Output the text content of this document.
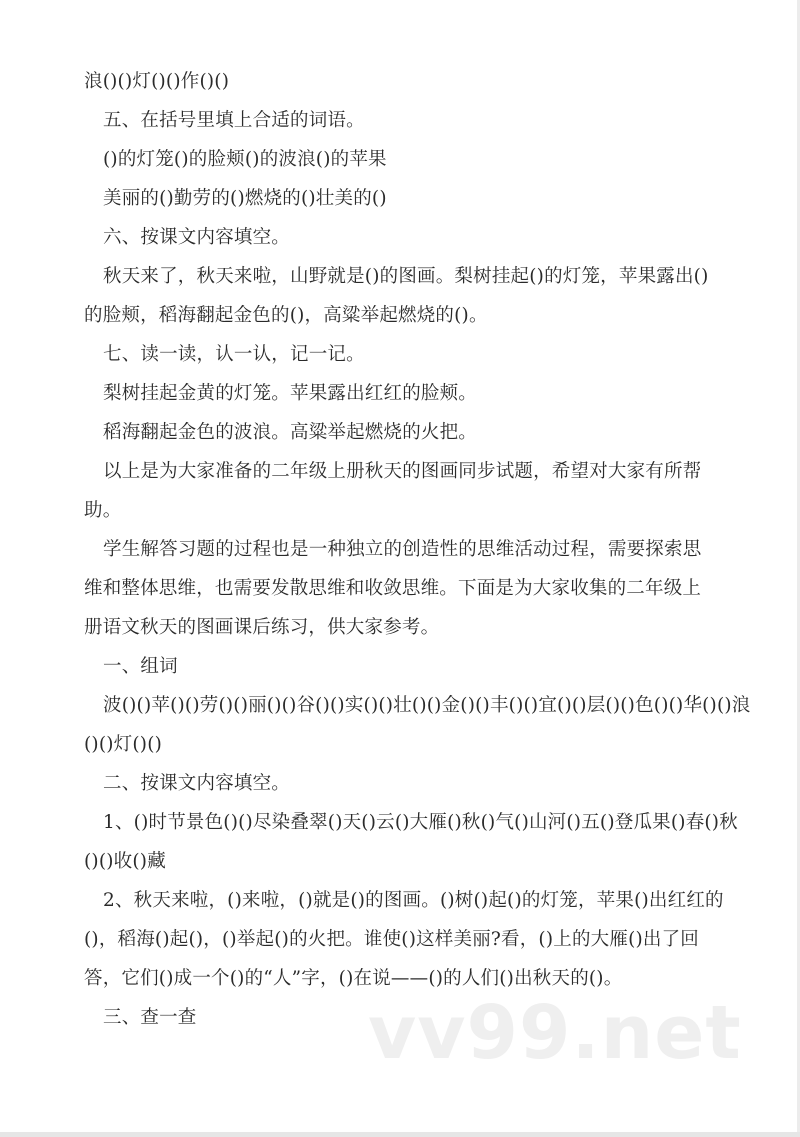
浪()()灯()()作()()
五、在括号里填上合适的词语。
()的灯笼()的脸颊()的波浪()的苹果
美丽的()勤劳的()燃烧的()壮美的()
六、按课文内容填空。
秋天来了，秋天来啦，山野就是()的图画。梨树挂起()的灯笼，苹果露出()
的脸颊，稻海翻起金色的()，高粱举起燃烧的()。
七、读一读，认一认，记一记。
梨树挂起金黄的灯笼。苹果露出红红的脸颊。
稻海翻起金色的波浪。高粱举起燃烧的火把。
以上是为大家准备的二年级上册秋天的图画同步试题，希望对大家有所帮
助。
学生解答习题的过程也是一种独立的创造性的思维活动过程，需要探索思
维和整体思维，也需要发散思维和收敛思维。下面是为大家收集的二年级上
册语文秋天的图画课后练习，供大家参考。
一、组词
波()()苹()()劳()()丽()()谷()()实()()壮()()金()()丰()()宜()()层()()色()()华()()浪
()()灯()()
二、按课文内容填空。
1、()时节景色()()尽染叠翠()天()云()大雁()秋()气()山河()五()登瓜果()春()秋
()()收()藏
2、秋天来啦，()来啦，()就是()的图画。()树()起()的灯笼，苹果()出红红的
()，稻海()起()，()举起()的火把。谁使()这样美丽?看，()上的大雁()出了回
答，它们()成一个()的“人”字，()在说——()的人们()出秋天的()。
三、查一查	vv99.net
